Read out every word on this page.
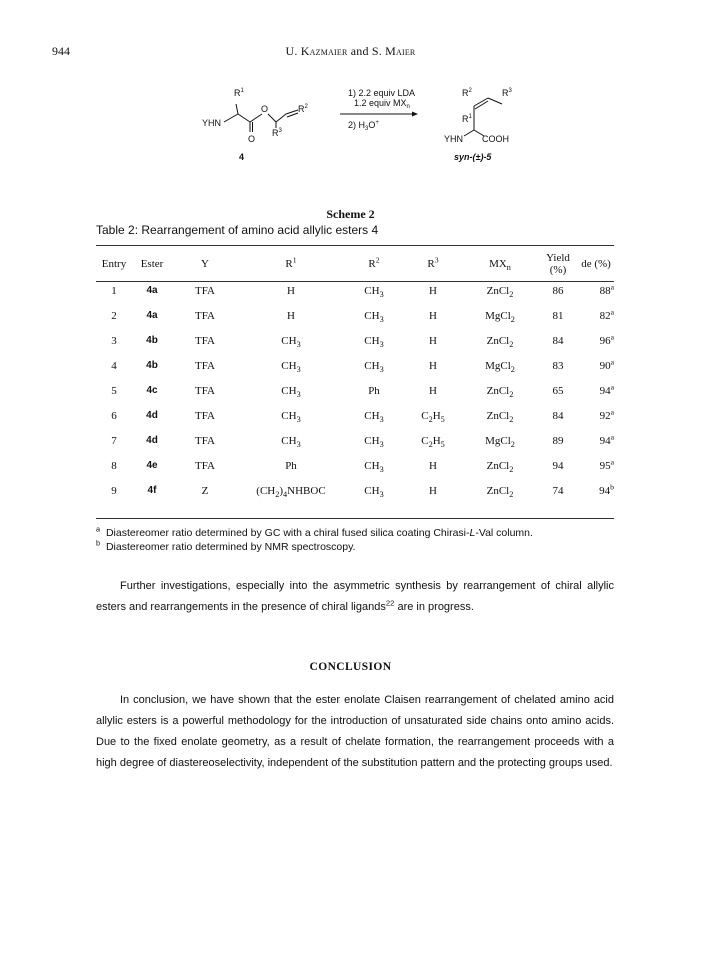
944	U. Kazmaier and S. Maier
$R^1$
YHN
O
O
$R^3$
$R^2$
4
1) 2.2 equiv LDA
1.2 equiv $MX_n$
2) $H_3O^+$
$R^2$	$R^3$
$R^1$
YHN COOH
syn-(±)-5
Scheme 2
Table 2: Rearrangement of amino acid allylic esters 4
Entry	Ester	Y	$R^1$	$R^2$	$R^3$	$MX_n$	Yield (%)	de (%)
1	4a	TFA	H	$CH_3$	H	ZnCl$_2$	86	88$^a$
2	4a	TFA	H	$CH_3$	H	MgCl$_2$	81	82$^a$
3	4b	TFA	$CH_3$	$CH_3$	H	ZnCl$_2$	84	96$^a$
4	4b	TFA	$CH_3$	$CH_3$	H	MgCl$_2$	83	90$^a$
5	4c	TFA	$CH_3$	Ph	H	ZnCl$_2$	65	94$^a$
6	4d	TFA	$CH_3$	$CH_3$	$C_2H_5$	ZnCl$_2$	84	92$^a$
7	4d	TFA	$CH_3$	$CH_3$	$C_2H_5$	MgCl$_2$	89	94$^a$
8	4e	TFA	Ph	$CH_3$	H	ZnCl$_2$	94	95$^a$
9	4f	Z	$(CH_2)_4NHBOC$	$CH_3$	H	ZnCl$_2$	74	94$^b$
$^a$ Diastereomer ratio determined by GC with a chiral fused silica coating Chirasi-L-Val column.
$^b$ Diastereomer ratio determined by NMR spectroscopy.
Further investigations, especially into the asymmetric synthesis by rearrangement of chiral allylic esters and rearrangements in the presence of chiral ligands$^{22}$ are in progress.
CONCLUSION
In conclusion, we have shown that the ester enolate Claisen rearrangement of chelated amino acid allylic esters is a powerful methodology for the introduction of unsaturated side chains onto amino acids. Due to the fixed enolate geometry, as a result of chelate formation, the rearrangement proceeds with a high degree of diastereoselectivity, independent of the substitution pattern and the protecting groups used.
